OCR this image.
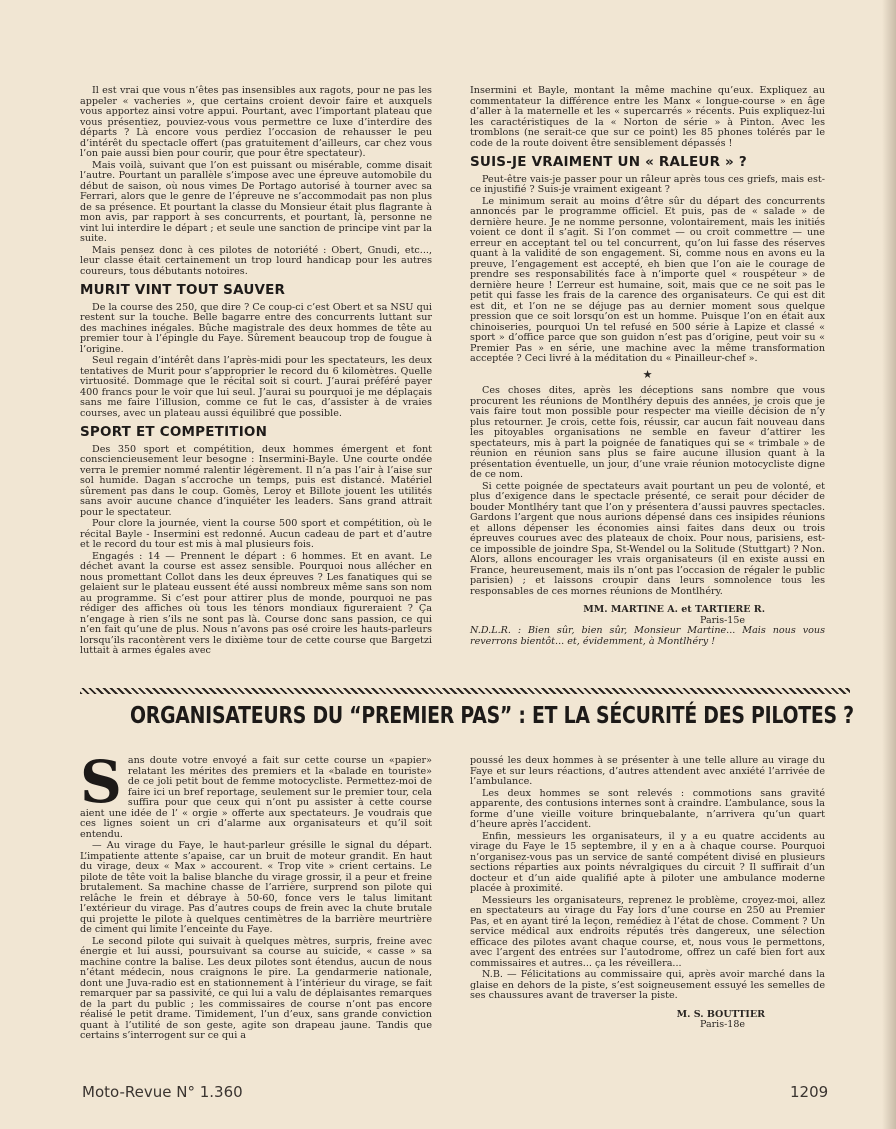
Il est vrai que vous n’êtes pas insensibles aux ragots, pour ne pas les appeler « vacheries », que certains croient devoir faire et auxquels vous apportez ainsi votre appui. Pourtant, avec l’important plateau que vous présentiez, pouviez-vous vous permettre ce luxe d’interdire des départs ? Là encore vous perdiez l’occasion de rehausser le peu d’intérêt du spectacle offert (pas gratuitement d’ailleurs, car chez vous l’on paie aussi bien pour courir, que pour être spectateur).

Mais voilà, suivant que l’on est puissant ou misérable, comme disait l’autre. Pourtant un parallèle s’impose avec une épreuve automobile du début de saison, où nous vimes De Portago autorisé à tourner avec sa Ferrari, alors que le genre de l’épreuve ne s’accommodait pas non plus de sa présence. Et pourtant la classe du Monsieur était plus flagrante à mon avis, par rapport à ses concurrents, et pourtant, là, personne ne vint lui interdire le départ ; et seule une sanction de principe vint par la suite.

Mais pensez donc à ces pilotes de notoriété : Obert, Gnudi, etc..., leur classe était certainement un trop lourd handicap pour les autres coureurs, tous débutants notoires.

MURIT VINT TOUT SAUVER

De la course des 250, que dire ? Ce coup-ci c’est Obert et sa NSU qui restent sur la touche. Belle bagarre entre des concurrents luttant sur des machines inégales. Bûche magistrale des deux hommes de tête au premier tour à l’épingle du Faye. Sûrement beaucoup trop de fougue à l’origine.

Seul regain d’intérêt dans l’après-midi pour les spectateurs, les deux tentatives de Murit pour s’approprier le record du 6 kilomètres. Quelle virtuosité. Dommage que le récital soit si court. J’aurai préféré payer 400 francs pour le voir que lui seul. J’aurai su pourquoi je me déplaçais sans me faire l’illusion, comme ce fut le cas, d’assister à de vraies courses, avec un plateau aussi équilibré que possible.

SPORT ET COMPETITION

Des 350 sport et compétition, deux hommes émergent et font consciencieusement leur besogne : Insermini-Bayle. Une courte ondée verra le premier nommé ralentir légèrement. Il n’a pas l’air à l’aise sur sol humide. Dagan s’accroche un temps, puis est distancé. Matériel sûrement pas dans le coup. Gomès, Leroy et Billote jouent les utilités sans avoir aucune chance d’inquiéter les leaders. Sans grand attrait pour le spectateur.

Pour clore la journée, vient la course 500 sport et compétition, où le récital Bayle - Insermini est redonné. Aucun cadeau de part et d’autre et le record du tour est mis à mal plusieurs fois.

Engagés : 14 — Prennent le départ : 6 hommes. Et en avant. Le déchet avant la course est assez sensible. Pourquoi nous allécher en nous promettant Collot dans les deux épreuves ? Les fanatiques qui se gelaient sur le plateau eussent été aussi nombreux même sans son nom au programme. Si c’est pour attirer plus de monde, pourquoi ne pas rédiger des affiches où tous les ténors mondiaux figureraient ? Ça n’engage à rien s’ils ne sont pas là. Course donc sans passion, ce qui n’en fait qu’une de plus. Nous n’avons pas osé croire les hauts-parleurs lorsqu’ils racontèrent vers le dixième tour de cette course que Bargetzi luttait à armes égales avec

Insermini et Bayle, montant la même machine qu’eux. Expliquez au commentateur la différence entre les Manx « longue-course » en âge d’aller à la maternelle et les « supercarrés » récents. Puis expliquez-lui les caractéristiques de la « Norton de série » à Pinton. Avec les tromblons (ne serait-ce que sur ce point) les 85 phones tolérés par le code de la route doivent être sensiblement dépassés !

SUIS-JE VRAIMENT UN « RALEUR » ?

Peut-être vais-je passer pour un râleur après tous ces griefs, mais est-ce injustifié ? Suis-je vraiment exigeant ?

Le minimum serait au moins d’être sûr du départ des concurrents annoncés par le programme officiel. Et puis, pas de « salade » de dernière heure. Je ne nomme personne, volontairement, mais les initiés voient ce dont il s’agit. Si l’on commet — ou croit commettre — une erreur en acceptant tel ou tel concurrent, qu’on lui fasse des réserves quant à la validité de son engagement. Si, comme nous en avons eu la preuve, l’engagement est accepté, eh bien que l’on aie le courage de prendre ses responsabilités face à n’importe quel « rouspéteur » de dernière heure ! L’erreur est humaine, soit, mais que ce ne soit pas le petit qui fasse les frais de la carence des organisateurs. Ce qui est dit est dit, et l’on ne se déjuge pas au dernier moment sous quelque pression que ce soit lorsqu’on est un homme. Puisque l’on en était aux chinoiseries, pourquoi Un tel refusé en 500 série à Lapize et classé « sport » d’office parce que son guidon n’est pas d’origine, peut voir su « Premier Pas » en série, une machine avec la même transformation acceptée ? Ceci livré à la méditation du « Pinailleur-chef ».

★

Ces choses dites, après les déceptions sans nombre que vous procurent les réunions de Montlhéry depuis des années, je crois que je vais faire tout mon possible pour respecter ma vieille décision de n’y plus retourner. Je crois, cette fois, réussir, car aucun fait nouveau dans les pitoyables organisations ne semble en faveur d’attirer les spectateurs, mis à part la poignée de fanatiques qui se « trimbale » de réunion en réunion sans plus se faire aucune illusion quant à la présentation éventuelle, un jour, d’une vraie réunion motocycliste digne de ce nom.

Si cette poignée de spectateurs avait pourtant un peu de volonté, et plus d’exigence dans le spectacle présenté, ce serait pour décider de bouder Montlhéry tant que l’on y présentera d’aussi pauvres spectacles. Gardons l’argent que nous aurions dépensé dans ces insipides réunions et allons dépenser les économies ainsi faites dans deux ou trois épreuves courues avec des plateaux de choix. Pour nous, parisiens, est-ce impossible de joindre Spa, St-Wendel ou la Solitude (Stuttgart) ? Non. Alors, allons encourager les vrais organisateurs (il en existe aussi en France, heureusement, mais ils n’ont pas l’occasion de régaler le public parisien) ; et laissons croupir dans leurs somnolence tous les responsables de ces mornes réunions de Montlhéry.

MM. MARTINE A. et TARTIERE R.
Paris-15e

N.D.L.R. : Bien sûr, bien sûr, Monsieur Martine... Mais nous vous reverrons bientôt... et, évidemment, à Montlhéry !

ORGANISATEURS DU “PREMIER PAS” : ET LA SÉCURITÉ DES PILOTES ?
S ans doute votre envoyé a fait sur cette course un «papier» relatant les mérites des premiers et la «balade en touriste» de ce joli petit bout de femme motocycliste. Permettez-moi de faire ici un bref reportage, seulement sur le premier tour, cela suffira pour que ceux qui n’ont pu assister à cette course aient une idée de l’ « orgie » offerte aux spectateurs. Je voudrais que ces lignes soient un cri d’alarme aux organisateurs et qu’il soit entendu.

— Au virage du Faye, le haut-parleur grésille le signal du départ. L’impatiente attente s’apaise, car un bruit de moteur grandit. En haut du virage, deux « Max » accourent. « Trop vite » crient certains. Le pilote de tête voit la balise blanche du virage grossir, il a peur et freine brutalement. Sa machine chasse de l’arrière, surprend son pilote qui relâche le frein et débraye à 50-60, fonce vers le talus limitant l’extérieur du virage. Pas d’autres coups de frein avec la chute brutale qui projette le pilote à quelques centimètres de la barrière meurtrière de ciment qui limite l’enceinte du Faye.

Le second pilote qui suivait à quelques mètres, surpris, freine avec énergie et lui aussi, poursuivant sa course au suicide, « casse » sa machine contre la balise. Les deux pilotes sont étendus, aucun de nous n’étant médecin, nous craignons le pire. La gendarmerie nationale, dont une Juva-radio est en stationnement à l’intérieur du virage, se fait remarquer par sa passivité, ce qui lui a valu de déplaisantes remarques de la part du public ; les commissaires de course n’ont pas encore réalisé le petit drame. Timidement, l’un d’eux, sans grande conviction quant à l’utilité de son geste, agite son drapeau jaune. Tandis que certains s’interrogent sur ce qui a

poussé les deux hommes à se présenter à une telle allure au virage du Faye et sur leurs réactions, d’autres attendent avec anxiété l’arrivée de l’ambulance.

Les deux hommes se sont relevés : commotions sans gravité apparente, des contusions internes sont à craindre. L’ambulance, sous la forme d’une vieille voiture brinquebalante, n’arrivera qu’un quart d’heure après l’accident.

Enfin, messieurs les organisateurs, il y a eu quatre accidents au virage du Faye le 15 septembre, il y en a à chaque course. Pourquoi n’organisez-vous pas un service de santé compétent divisé en plusieurs sections réparties aux points névralgiques du circuit ? Il suffirait d’un docteur et d’un aide qualifié apte à piloter une ambulance moderne placée à proximité.

Messieurs les organisateurs, reprenez le problème, croyez-moi, allez en spectateurs au virage du Fay lors d’une course en 250 au Premier Pas, et en ayant tiré la leçon, remédiez à l’état de chose. Comment ? Un service médical aux endroits réputés très dangereux, une sélection efficace des pilotes avant chaque course, et, nous vous le permettons, avec l’argent des entrées sur l’autodrome, offrez un café bien fort aux commissaires et autres... ça les réveillera...

N.B. — Félicitations au commissaire qui, après avoir marché dans la glaise en dehors de la piste, s’est soigneusement essuyé les semelles de ses chaussures avant de traverser la piste.

M. S. BOUTTIER
Paris-18e
Moto-Revue N° 1.360	1209
